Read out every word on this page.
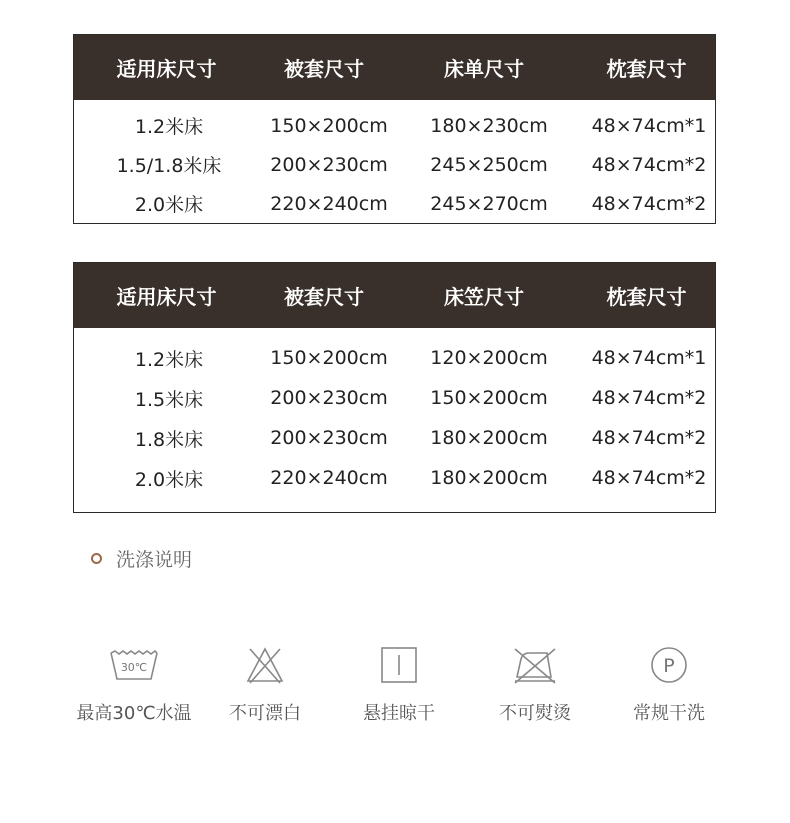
适用床尺寸	被套尺寸	床单尺寸	枕套尺寸
1.2米床	150×200cm	180×230cm	48×74cm*1
1.5/1.8米床	200×230cm	245×250cm	48×74cm*2
2.0米床	220×240cm	245×270cm	48×74cm*2
适用床尺寸	被套尺寸	床笠尺寸	枕套尺寸
1.2米床	150×200cm	120×200cm	48×74cm*1
1.5米床	200×230cm	150×200cm	48×74cm*2
1.8米床	200×230cm	180×200cm	48×74cm*2
2.0米床	220×240cm	180×200cm	48×74cm*2
洗涤说明
30℃
最高30℃水温	不可漂白	悬挂晾干	不可熨烫
P
常规干洗
